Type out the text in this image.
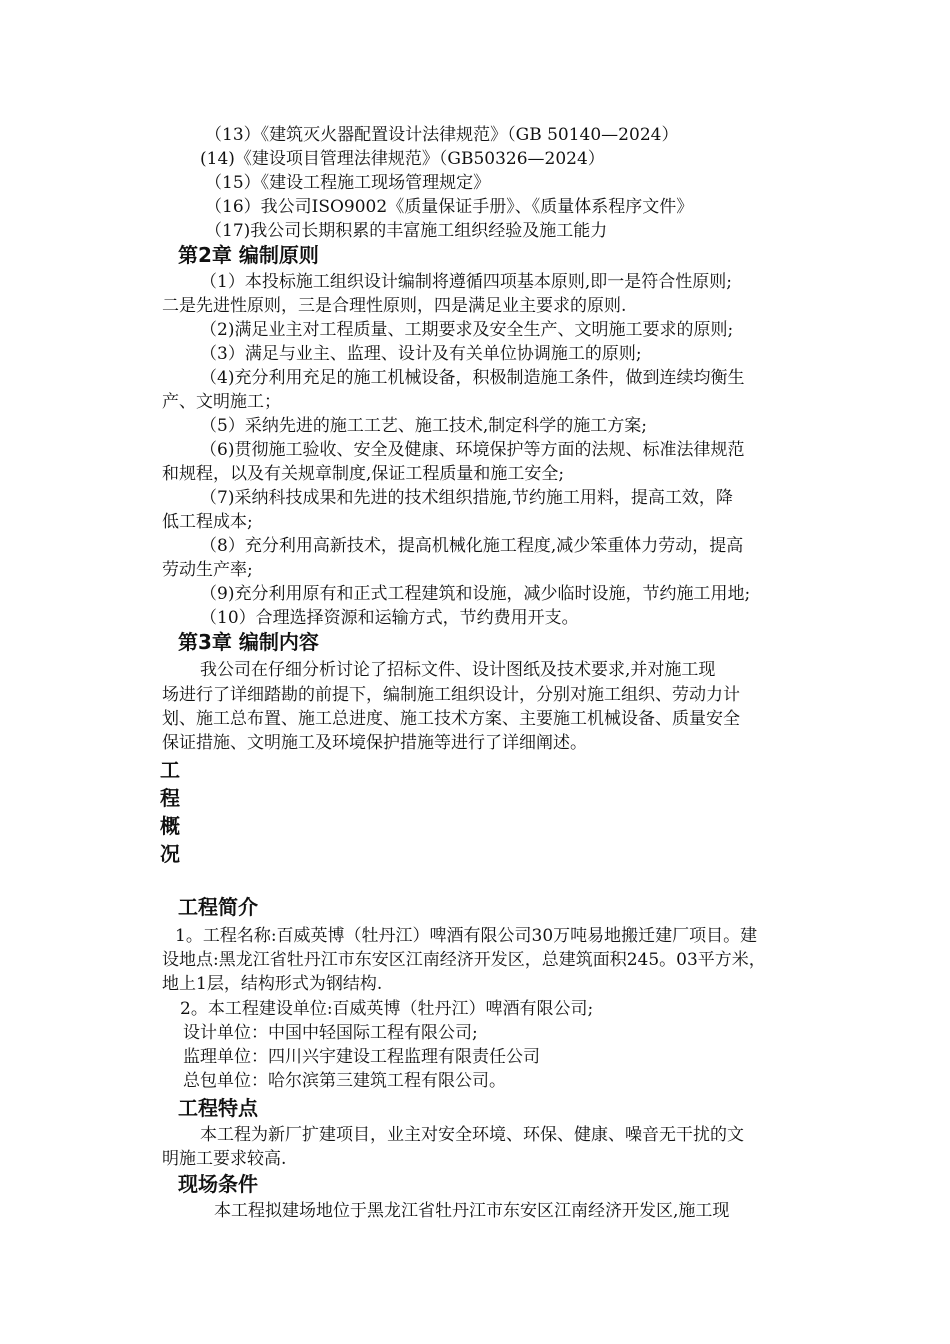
（13）《建筑灭火器配置设计法律规范》（GB 50140—2024）
(14)《建设项目管理法律规范》（GB50326—2024）
（15）《建设工程施工现场管理规定》
（16）我公司ISO9002《质量保证手册》、《质量体系程序文件》
（17)我公司长期积累的丰富施工组织经验及施工能力
第2章 编制原则
（1）本投标施工组织设计编制将遵循四项基本原则,即一是符合性原则;
二是先进性原则，三是合理性原则，四是满足业主要求的原则.
（2)满足业主对工程质量、工期要求及安全生产、文明施工要求的原则;
（3）满足与业主、监理、设计及有关单位协调施工的原则;
（4)充分利用充足的施工机械设备，积极制造施工条件，做到连续均衡生
产、文明施工；
（5）采纳先进的施工工艺、施工技术,制定科学的施工方案;
（6)贯彻施工验收、安全及健康、环境保护等方面的法规、标准法律规范
和规程，以及有关规章制度,保证工程质量和施工安全;
（7)采纳科技成果和先进的技术组织措施,节约施工用料，提高工效，降
低工程成本;
（8）充分利用高新技术，提高机械化施工程度,减少笨重体力劳动，提高
劳动生产率;
（9)充分利用原有和正式工程建筑和设施，减少临时设施，节约施工用地;
（10）合理选择资源和运输方式，节约费用开支。
第3章 编制内容
我公司在仔细分析讨论了招标文件、设计图纸及技术要求,并对施工现
场进行了详细踏勘的前提下，编制施工组织设计，分别对施工组织、劳动力计
划、施工总布置、施工总进度、施工技术方案、主要施工机械设备、质量安全
保证措施、文明施工及环境保护措施等进行了详细阐述。
工
程
概
况
工程简介
1。工程名称:百威英博（牡丹江）啤酒有限公司30万吨易地搬迁建厂项目。建
设地点:黑龙江省牡丹江市东安区江南经济开发区，总建筑面积245。03平方米，
地上1层，结构形式为钢结构.
2。本工程建设单位:百威英博（牡丹江）啤酒有限公司;
设计单位：中国中轻国际工程有限公司;
监理单位：四川兴宇建设工程监理有限责任公司
总包单位：哈尔滨第三建筑工程有限公司。
工程特点
本工程为新厂扩建项目，业主对安全环境、环保、健康、噪音无干扰的文
明施工要求较高.
现场条件
本工程拟建场地位于黑龙江省牡丹江市东安区江南经济开发区,施工现
